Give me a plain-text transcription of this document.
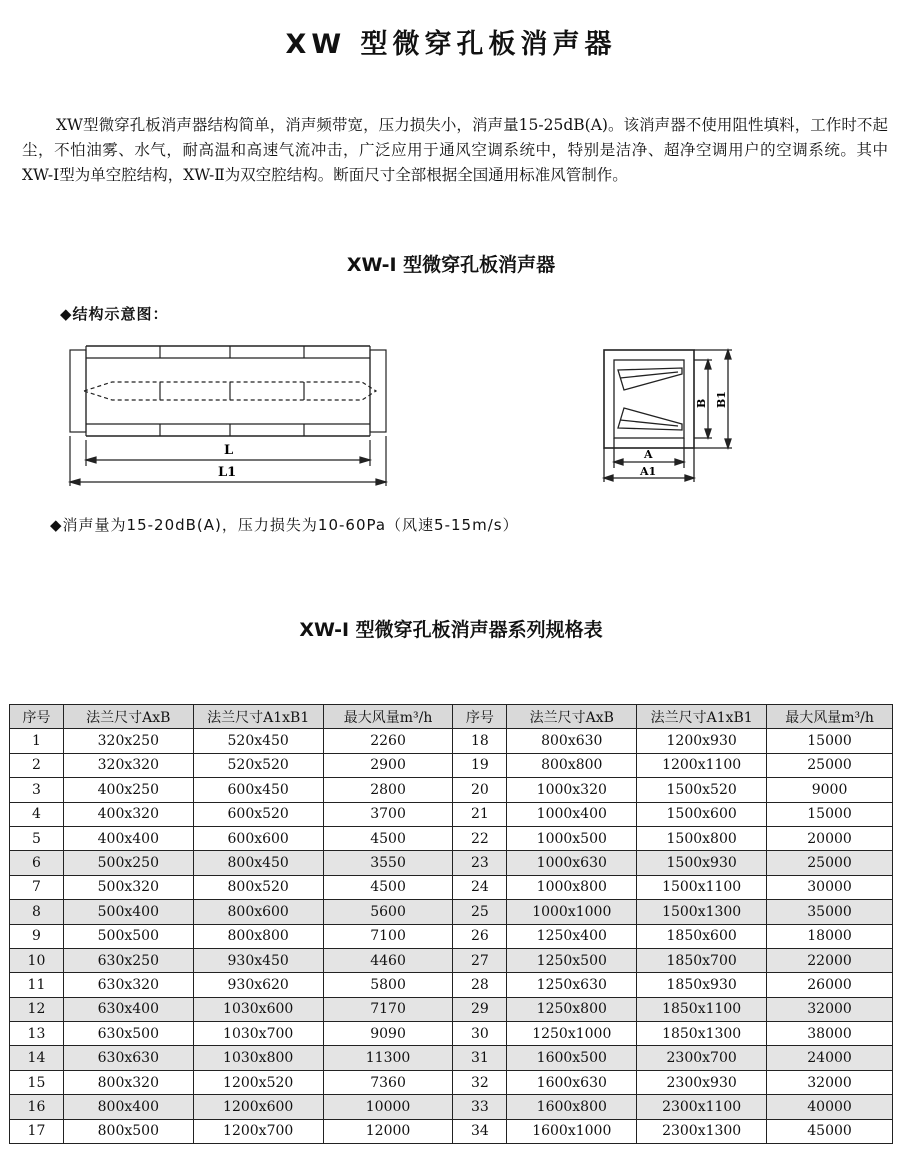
XW 型微穿孔板消声器

XW型微穿孔板消声器结构简单，消声频带宽，压力损失小，消声量15-25dB(A)。该消声器不使用阻性填料，工作时不起尘，不怕油雾、水气，耐高温和高速气流冲击，广泛应用于通风空调系统中，特别是洁净、超净空调用户的空调系统。其中XW-Ⅰ型为单空腔结构，XW-Ⅱ为双空腔结构。断面尺寸全部根据全国通用标准风管制作。

XW-I 型微穿孔板消声器
◆结构示意图：
L
L1
A
A1
B B1
◆消声量为15-20dB(A)，压力损失为10-60Pa（风速5-15m/s）
XW-I 型微穿孔板消声器系列规格表
序号	法兰尺寸AxB	法兰尺寸A1xB1	最大风量m³/h	序号	法兰尺寸AxB	法兰尺寸A1xB1	最大风量m³/h
1	320x250	520x450	2260	18	800x630	1200x930	15000
2	320x320	520x520	2900	19	800x800	1200x1100	25000
3	400x250	600x450	2800	20	1000x320	1500x520	9000
4	400x320	600x520	3700	21	1000x400	1500x600	15000
5	400x400	600x600	4500	22	1000x500	1500x800	20000
6	500x250	800x450	3550	23	1000x630	1500x930	25000
7	500x320	800x520	4500	24	1000x800	1500x1100	30000
8	500x400	800x600	5600	25	1000x1000	1500x1300	35000
9	500x500	800x800	7100	26	1250x400	1850x600	18000
10	630x250	930x450	4460	27	1250x500	1850x700	22000
11	630x320	930x620	5800	28	1250x630	1850x930	26000
12	630x400	1030x600	7170	29	1250x800	1850x1100	32000
13	630x500	1030x700	9090	30	1250x1000	1850x1300	38000
14	630x630	1030x800	11300	31	1600x500	2300x700	24000
15	800x320	1200x520	7360	32	1600x630	2300x930	32000
16	800x400	1200x600	10000	33	1600x800	2300x1100	40000
17	800x500	1200x700	12000	34	1600x1000	2300x1300	45000
